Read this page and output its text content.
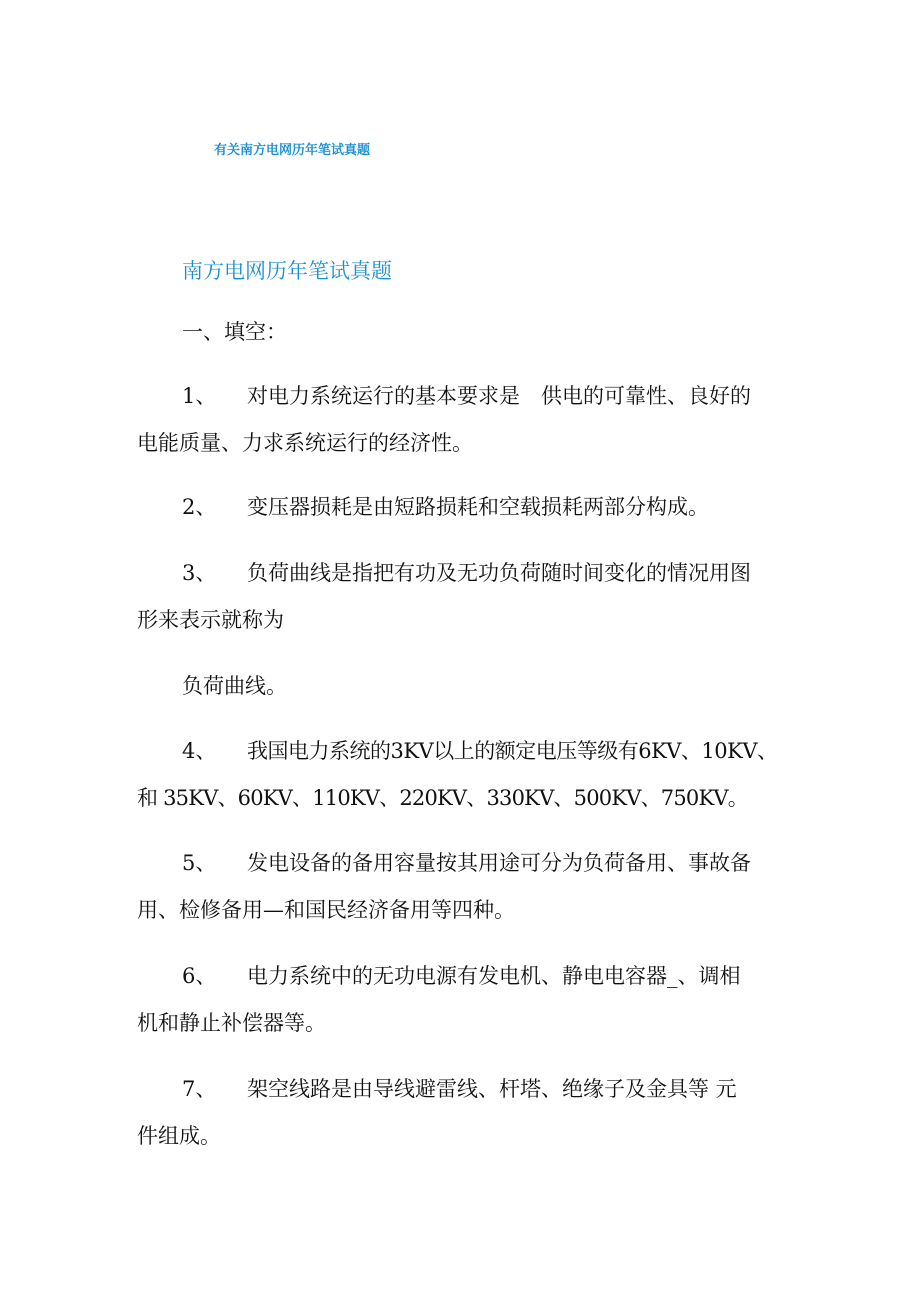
有关南方电网历年笔试真题
南方电网历年笔试真题
一、填空：
1、 对电力系统运行的基本要求是　供电的可靠性、良好的
电能质量、力求系统运行的经济性。
2、 变压器损耗是由短路损耗和空载损耗两部分构成。
3、 负荷曲线是指把有功及无功负荷随时间变化的情况用图
形来表示就称为
负荷曲线。
4、 我国电力系统的3KV以上的额定电压等级有6KV、10KV、
和 35KV、60KV、110KV、220KV、330KV、500KV、750KV。
5、 发电设备的备用容量按其用途可分为负荷备用、事故备
用、检修备用—和国民经济备用等四种。
6、 电力系统中的无功电源有发电机、静电电容器_、调相
机和静止补偿器等。
7、 架空线路是由导线避雷线、杆塔、绝缘子及金具等 元
件组成。
